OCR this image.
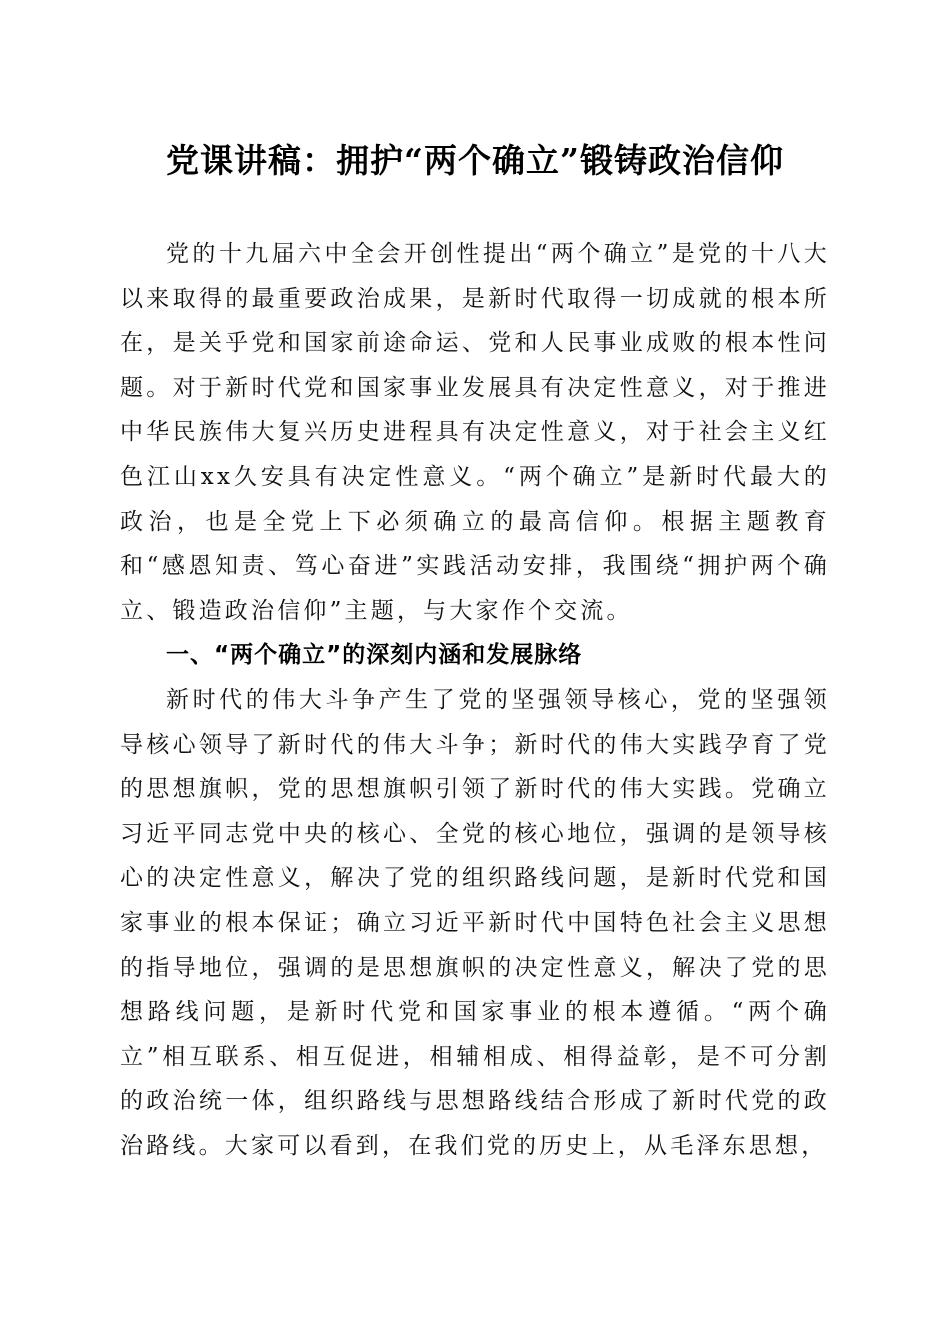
党课讲稿：拥护“两个确立”锻铸政治信仰

党的十九届六中全会开创性提出“两个确立”是党的十八大以来取得的最重要政治成果，是新时代取得一切成就的根本所在，是关乎党和国家前途命运、党和人民事业成败的根本性问题。对于新时代党和国家事业发展具有决定性意义，对于推进中华民族伟大复兴历史进程具有决定性意义，对于社会主义红色江山xx久安具有决定性意义。“两个确立”是新时代最大的政治，也是全党上下必须确立的最高信仰。根据主题教育和“感恩知责、笃心奋进”实践活动安排，我围绕“拥护两个确立、锻造政治信仰”主题，与大家作个交流。

一、“两个确立”的深刻内涵和发展脉络

新时代的伟大斗争产生了党的坚强领导核心，党的坚强领导核心领导了新时代的伟大斗争；新时代的伟大实践孕育了党的思想旗帜，党的思想旗帜引领了新时代的伟大实践。党确立习近平同志党中央的核心、全党的核心地位，强调的是领导核心的决定性意义，解决了党的组织路线问题，是新时代党和国家事业的根本保证；确立习近平新时代中国特色社会主义思想的指导地位，强调的是思想旗帜的决定性意义，解决了党的思想路线问题，是新时代党和国家事业的根本遵循。“两个确立”相互联系、相互促进，相辅相成、相得益彰，是不可分割的政治统一体，组织路线与思想路线结合形成了新时代党的政治路线。大家可以看到，在我们党的历史上，从毛泽东思想，
